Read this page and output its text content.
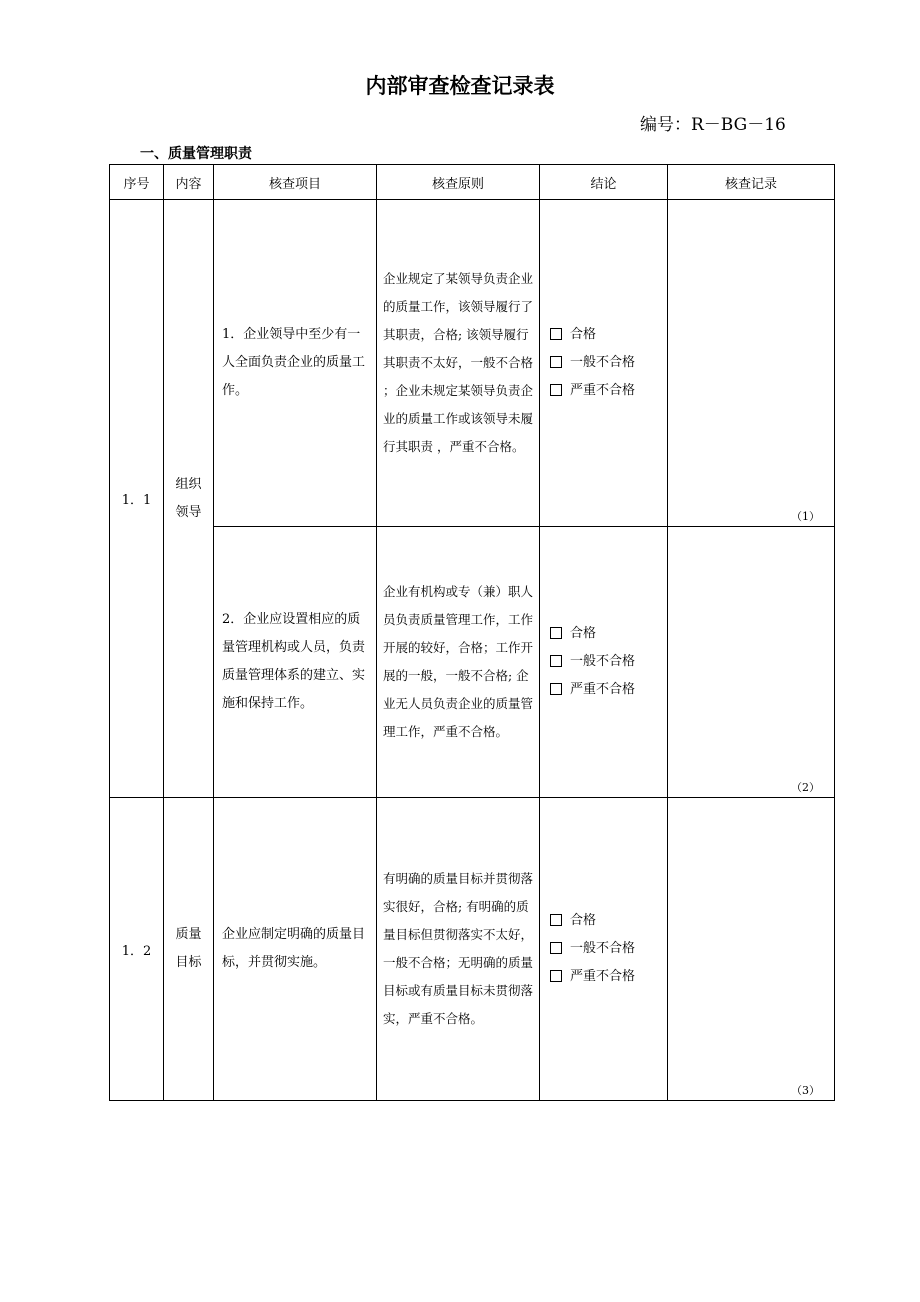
内部审查检查记录表
编号：R－BG－16
一、质量管理职责
序号	内容	核查项目	核查原则	结论	核查记录
1．1	组织领导	1．企业领导中至少有一人全面负责企业的质量工作。	企业规定了某领导负责企业的质量工作，该领导履行了其职责，合格; 该领导履行其职责不太好，一般不合格 ；企业未规定某领导负责企业的质量工作或该领导未履行其职责 ，严重不合格。	合格
一般不合格
严重不合格	（1）

		2．企业应设置相应的质量管理机构或人员，负责质量管理体系的建立、实施和保持工作。	企业有机构或专（兼）职人员负责质量管理工作，工作开展的较好，合格；工作开展的一般，一般不合格; 企业无人员负责企业的质量管理工作，严重不合格。	合格
一般不合格
严重不合格	（2）

1．2	质量目标	企业应制定明确的质量目标，并贯彻实施。	有明确的质量目标并贯彻落实很好，合格; 有明确的质量目标但贯彻落实不太好，一般不合格；无明确的质量目标或有质量目标未贯彻落实，严重不合格。	合格
一般不合格
严重不合格	（3）
